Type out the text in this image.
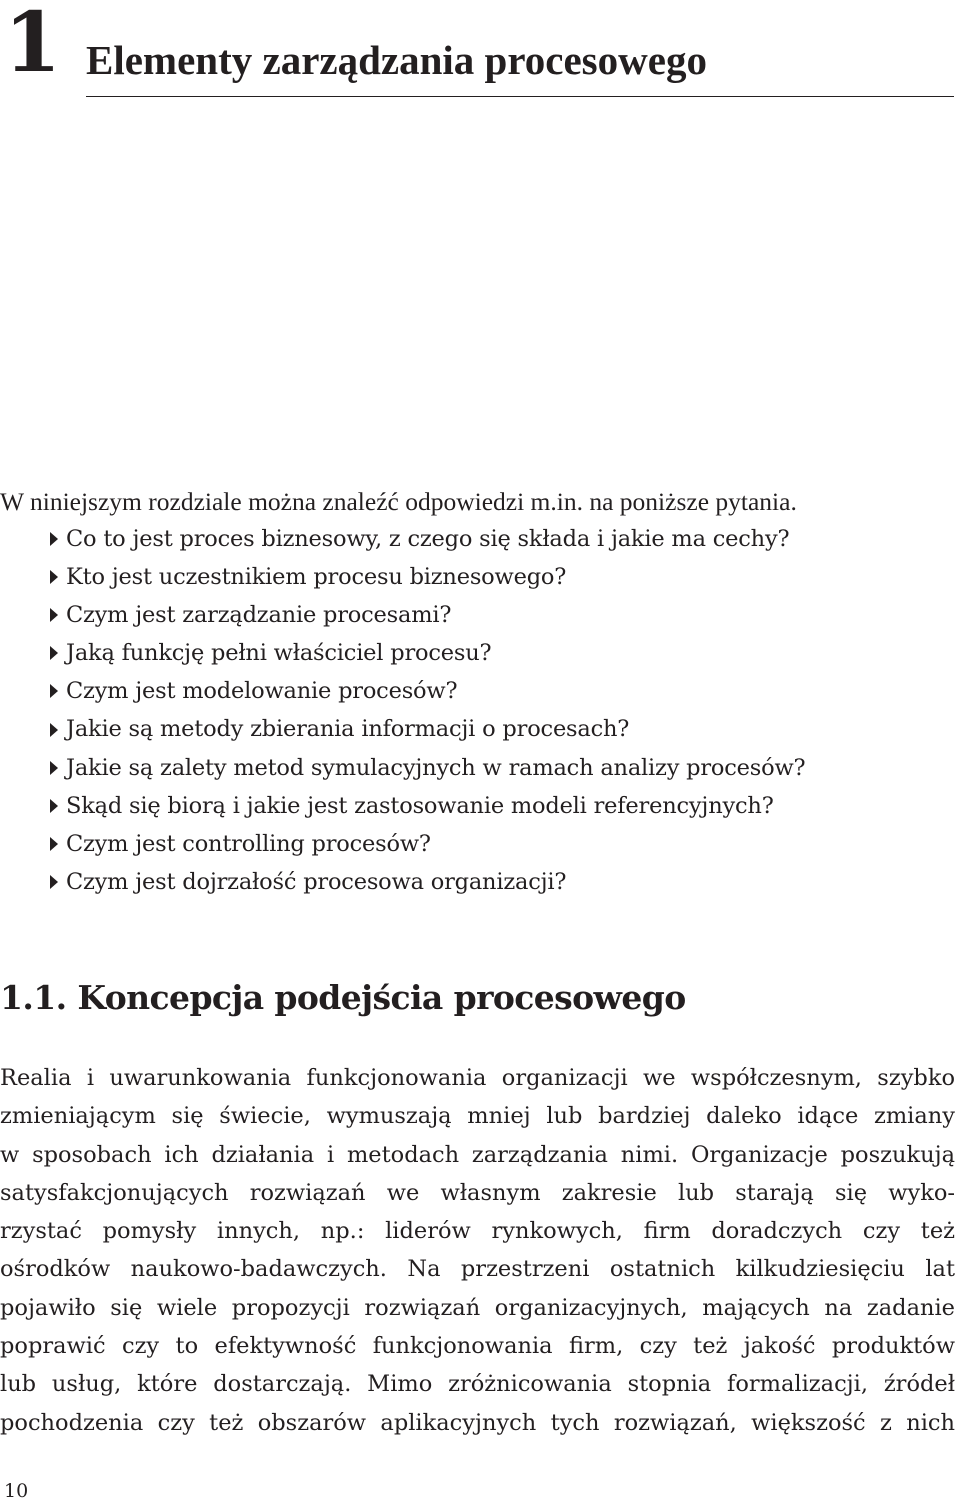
1 Elementy zarządzania procesowego
W niniejszym rozdziale można znaleźć odpowiedzi m.in. na poniższe pytania.
Co to jest proces biznesowy, z czego się składa i jakie ma cechy?
Kto jest uczestnikiem procesu biznesowego?
Czym jest zarządzanie procesami?
Jaką funkcję pełni właściciel procesu?
Czym jest modelowanie procesów?
Jakie są metody zbierania informacji o procesach?
Jakie są zalety metod symulacyjnych w ramach analizy procesów?
Skąd się biorą i jakie jest zastosowanie modeli referencyjnych?
Czym jest controlling procesów?
Czym jest dojrzałość procesowa organizacji?
1.1. Koncepcja podejścia procesowego
Realia i uwarunkowania funkcjonowania organizacji we współczesnym, szybko
zmieniającym się świecie, wymuszają mniej lub bardziej daleko idące zmiany
w sposobach ich działania i metodach zarządzania nimi. Organizacje poszukują
satysfakcjonujących rozwiązań we własnym zakresie lub starają się wyko-
rzystać pomysły innych, np.: liderów rynkowych, firm doradczych czy też
ośrodków naukowo-badawczych. Na przestrzeni ostatnich kilkudziesięciu lat
pojawiło się wiele propozycji rozwiązań organizacyjnych, mających na zadanie
poprawić czy to efektywność funkcjonowania firm, czy też jakość produktów
lub usług, które dostarczają. Mimo zróżnicowania stopnia formalizacji, źródeł
pochodzenia czy też obszarów aplikacyjnych tych rozwiązań, większość z nich
10
